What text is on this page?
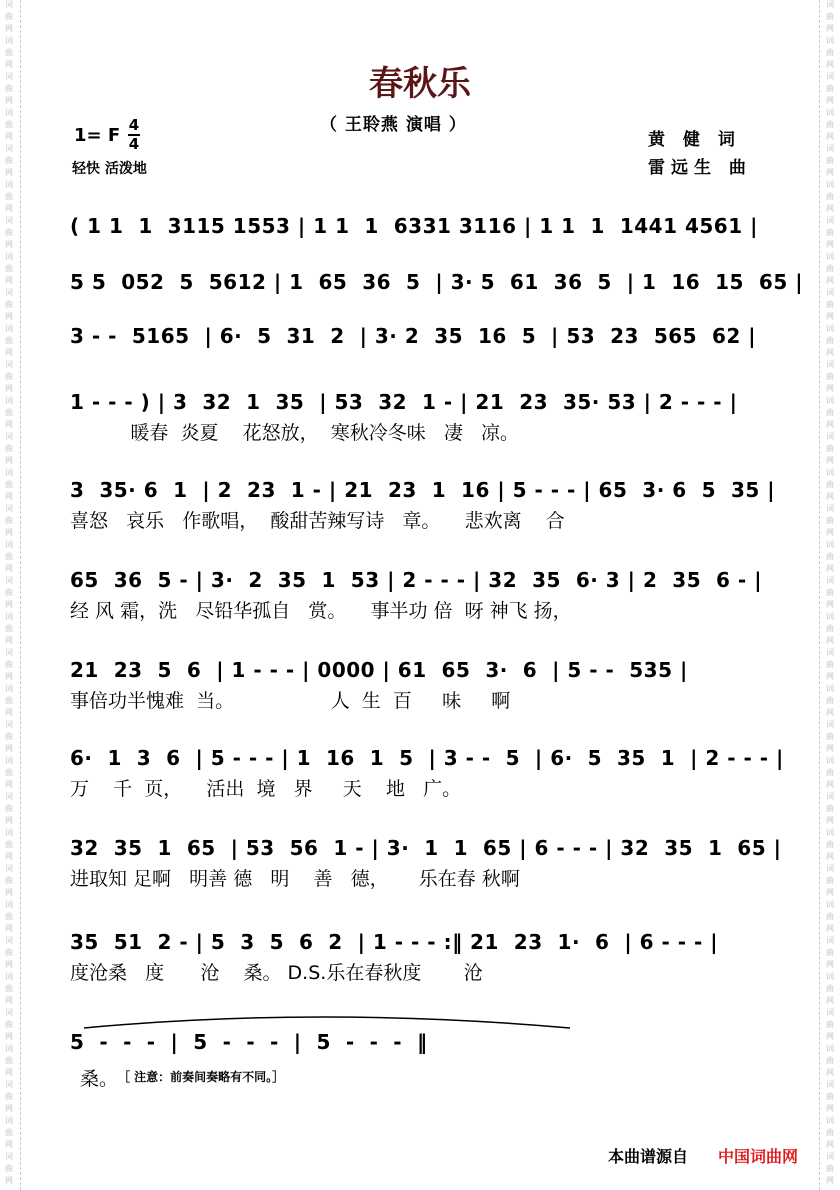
词
曲
网
词
曲
网
词
曲
网
词
曲
网
词
曲
网
词
曲
网
词
曲
网
词
曲
网
词
曲
网
词
曲
网
词
曲
网
词
曲
网
词
曲
网
词
曲
网
词
曲
网
词
曲
网
词
曲
网
词
曲
网
词
曲
网
词
曲
网
词
曲
网
词
曲
网
词
曲
网
词
曲
网
词
曲
网
词
曲
网
词
曲
网
词
曲
网
词
曲
网
词
曲
网
词
曲
网
词
曲
网
词
曲
网
词
曲
网
词
曲
网
词
曲
网
词
曲
网
词
曲
网
词
曲
网
词
曲
网
词
曲
网
词
曲
网
词
曲
网
词
曲
网
词
曲
网
词
曲
网
词
曲
网
词
曲
网
词
曲
网
词
曲
网
词
曲
网
词
曲
网
词
曲
网
词
曲
网
词
曲
网
词
曲
网
词
曲
网
词
曲
网
词
曲
网
词
曲
网
词
曲
网
词
曲
网
词
曲
网
词
曲
网
词
曲
网
词
曲
网
春秋乐
（ 王聆燕 演唱 ）
1= F 4
4
轻快 活泼地
黄 健 词
雷远生 曲
( 1 1  1  3115 1553 | 1 1  1  6331 3116 | 1 1  1  1441 4561 |
5 5  052  5  5612 | 1  65  36  5  | 3· 5  61  36  5  | 1  16  15  65 |
3 - -  5165  | 6·  5  31  2  | 3· 2  35  16  5  | 53  23  565  62 |
1 - - - ) | 3  32  1  35  | 53  32  1 - | 21  23  35· 53 | 2 - - - |
暖春  炎夏    花怒放，  寒秋冷冬味   凄   凉。
3  35· 6  1  | 2  23  1 - | 21  23  1  16 | 5 - - - | 65  3· 6  5  35 |
喜怒   哀乐   作歌唱，  酸甜苦辣写诗   章。    悲欢离    合
65  36  5 - | 3·  2  35  1  53 | 2 - - - | 32  35  6· 3 | 2  35  6 - |
经 风 霜，洗   尽铅华孤自   赏。    事半功 倍  呀 神飞 扬，
21  23  5  6  | 1 - - - | 0000 | 61  65  3·  6  | 5 - -  535 |
事倍功半愧难  当。                人  生  百     味     啊
6·  1  3  6  | 5 - - - | 1  16  1  5  | 3 - -  5  | 6·  5  35  1  | 2 - - - |
万    千  页，    活出  境   界     天    地   广。
32  35  1  65  | 53  56  1 - | 3·  1  1  65 | 6 - - - | 32  35  1  65 |
进取知 足啊   明善 德   明    善   德，     乐在春 秋啊
35  51  2 - | 5  3  5  6  2  | 1 - - - :‖ 21  23  1·  6  | 6 - - - |
度沧桑   度      沧    桑。 D.S.乐在春秋度       沧
5  -  -  -  |  5  -  -  -  |  5  -  -  -  ‖
桑。 ［ 注意：前奏间奏略有不同。］
本曲谱源自 中国词曲网
